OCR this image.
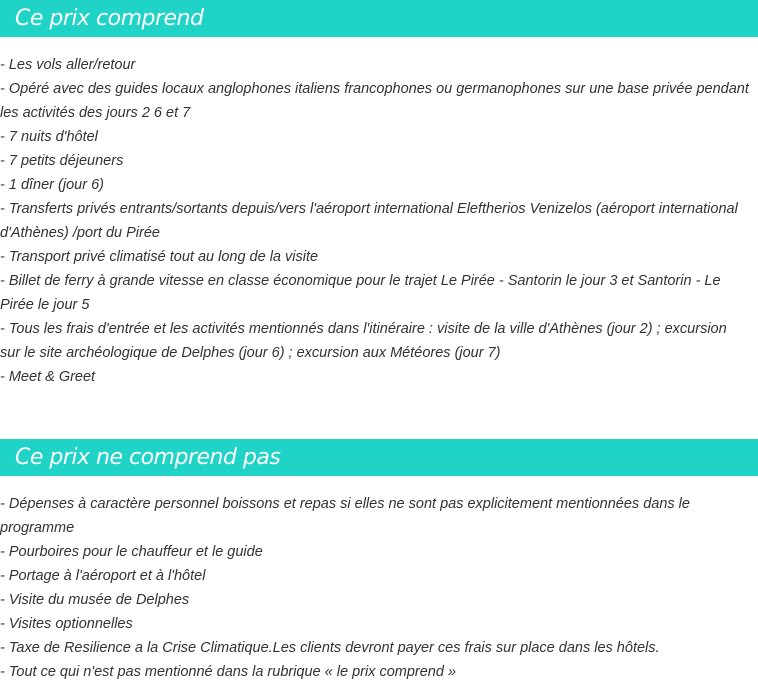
Ce prix comprend
- Les vols aller/retour
- Opéré avec des guides locaux anglophones italiens francophones ou germanophones sur une base privée pendant les activités des jours 2 6 et 7
- 7 nuits d'hôtel
- 7 petits déjeuners
- 1 dîner (jour 6)
- Transferts privés entrants/sortants depuis/vers l'aéroport international Eleftherios Venizelos (aéroport international d'Athènes) /port du Pirée
- Transport privé climatisé tout au long de la visite
- Billet de ferry à grande vitesse en classe économique pour le trajet Le Pirée - Santorin le jour 3 et Santorin - Le Pirée le jour 5
- Tous les frais d'entrée et les activités mentionnés dans l'itinéraire : visite de la ville d'Athènes (jour 2) ; excursion sur le site archéologique de Delphes (jour 6) ; excursion aux Météores (jour 7)
- Meet & Greet
Ce prix ne comprend pas
- Dépenses à caractère personnel boissons et repas si elles ne sont pas explicitement mentionnées dans le programme
- Pourboires pour le chauffeur et le guide
- Portage à l'aéroport et à l'hôtel
- Visite du musée de Delphes
- Visites optionnelles
- Taxe de Resilience a la Crise Climatique.Les clients devront payer ces frais sur place dans les hôtels.
- Tout ce qui n'est pas mentionné dans la rubrique « le prix comprend »
